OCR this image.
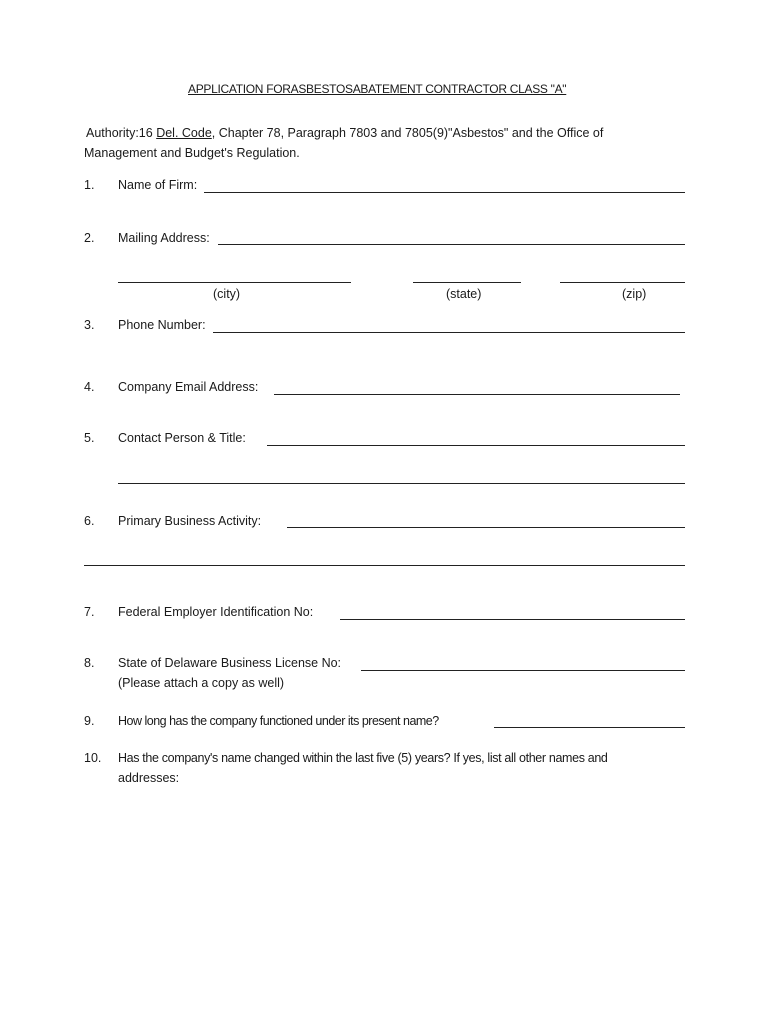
APPLICATION FORASBESTOSABATEMENT CONTRACTOR CLASS "A"
Authority:16 Del. Code, Chapter 78, Paragraph 7803 and 7805(9)"Asbestos" and the Office of
Management and Budget's Regulation.
1.	Name of Firm:
2.	Mailing Address:
(city)	(state)	(zip)
3.	Phone Number:
4.	Company Email Address:
5.	Contact Person & Title:
6.	Primary Business Activity:
7.	Federal Employer Identification No:
8.	State of Delaware Business License No:
(Please attach a copy as well)
9.	How long has the company functioned under its present name?
10.	Has the company's name changed within the last five (5) years? If yes, list all other names and
addresses:
